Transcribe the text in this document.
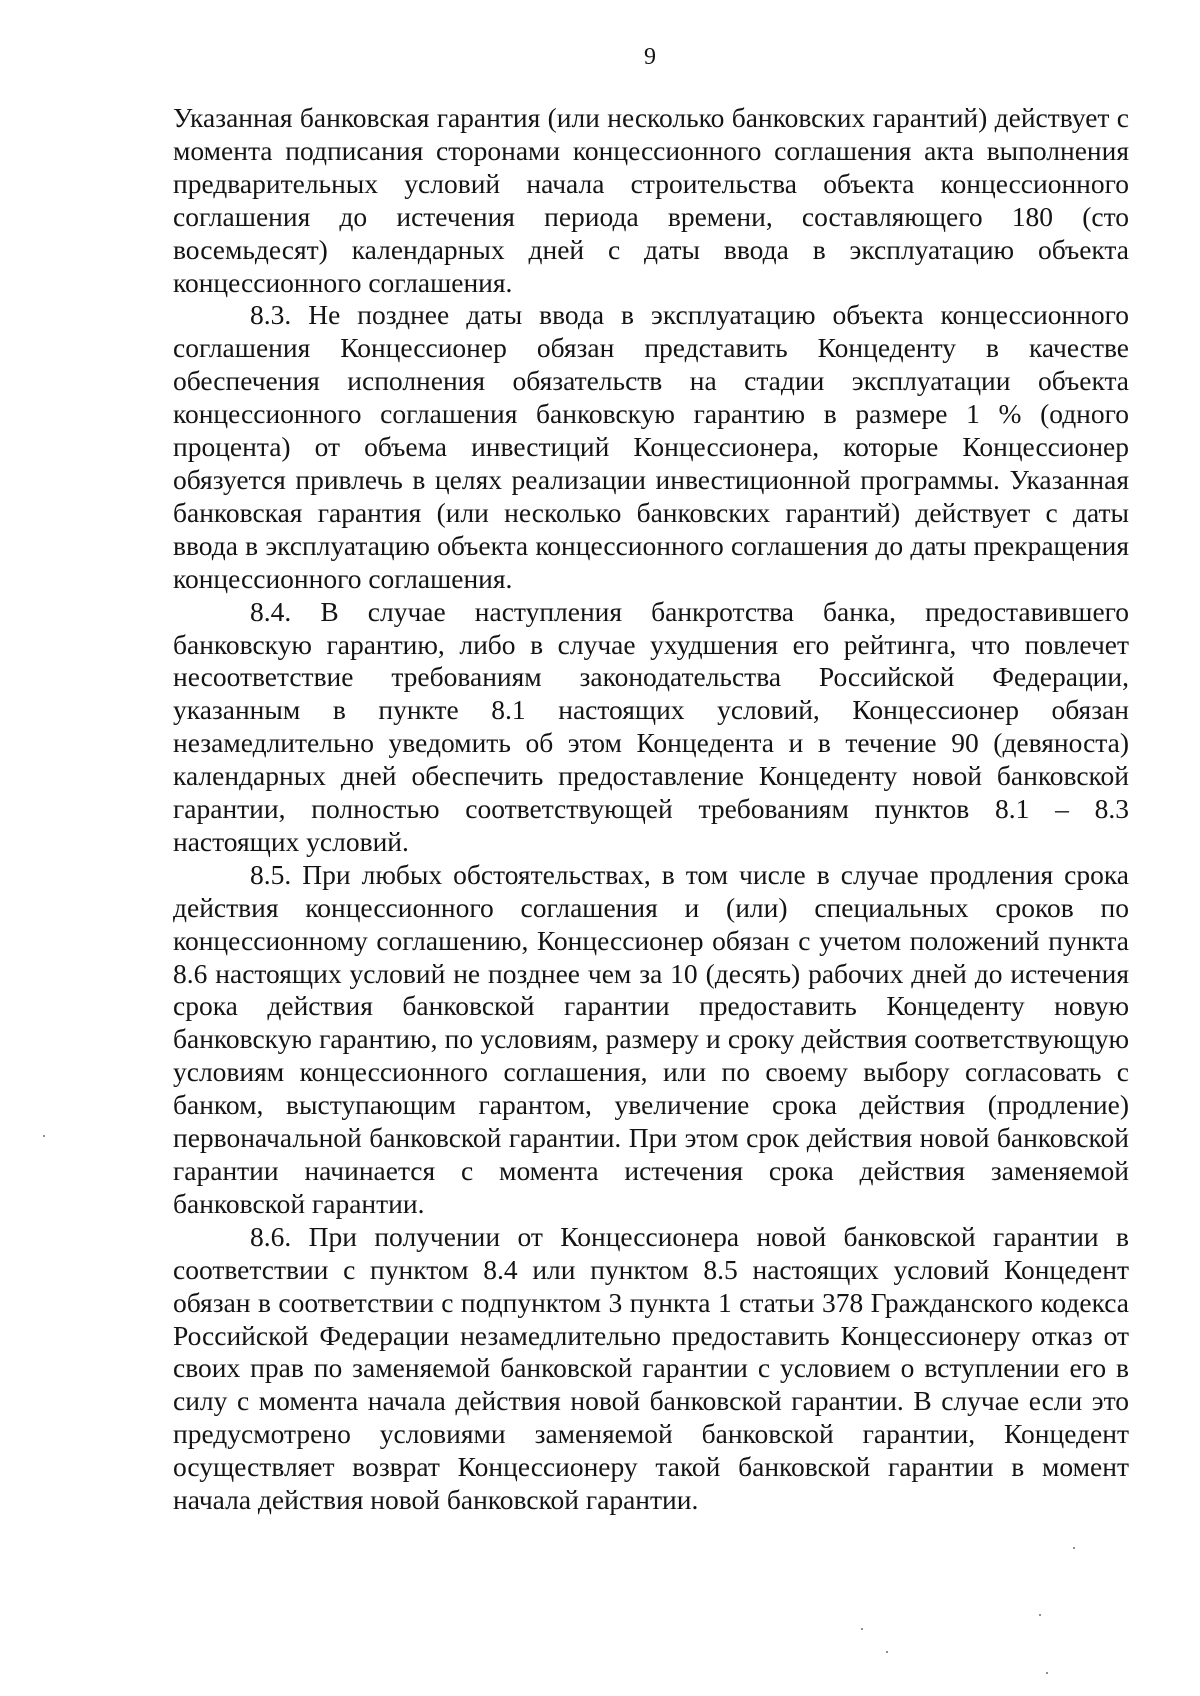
9

Указанная банковская гарантия (или несколько банковских гарантий) действует с момента подписания сторонами концессионного соглашения акта выполнения предварительных условий начала строительства объекта концессионного соглашения до истечения периода времени, составляющего 180 (сто восемьдесят) календарных дней с даты ввода в эксплуатацию объекта концессионного соглашения.

8.3. Не позднее даты ввода в эксплуатацию объекта концессионного соглашения Концессионер обязан представить Концеденту в качестве обеспечения исполнения обязательств на стадии эксплуатации объекта концессионного соглашения банковскую гарантию в размере 1 % (одного процента) от объема инвестиций Концессионера, которые Концессионер обязуется привлечь в целях реализации инвестиционной программы. Указанная банковская гарантия (или несколько банковских гарантий) действует с даты ввода в эксплуатацию объекта концессионного соглашения до даты прекращения концессионного соглашения.

8.4. В случае наступления банкротства банка, предоставившего банковскую гарантию, либо в случае ухудшения его рейтинга, что повлечет несоответствие требованиям законодательства Российской Федерации, указанным в пункте 8.1 настоящих условий, Концессионер обязан незамедлительно уведомить об этом Концедента и в течение 90 (девяноста) календарных дней обеспечить предоставление Концеденту новой банковской гарантии, полностью соответствующей требованиям пунктов 8.1 – 8.3 настоящих условий.

8.5. При любых обстоятельствах, в том числе в случае продления срока действия концессионного соглашения и (или) специальных сроков по концессионному соглашению, Концессионер обязан с учетом положений пункта 8.6 настоящих условий не позднее чем за 10 (десять) рабочих дней до истечения срока действия банковской гарантии предоставить Концеденту новую банковскую гарантию, по условиям, размеру и сроку действия соответствующую условиям концессионного соглашения, или по своему выбору согласовать с банком, выступающим гарантом, увеличение срока действия (продление) первоначальной банковской гарантии. При этом срок действия новой банковской гарантии начинается с момента истечения срока действия заменяемой банковской гарантии.

8.6. При получении от Концессионера новой банковской гарантии в соответствии с пунктом 8.4 или пунктом 8.5 настоящих условий Концедент обязан в соответствии с подпунктом 3 пункта 1 статьи 378 Гражданского кодекса Российской Федерации незамедлительно предоставить Концессионеру отказ от своих прав по заменяемой банковской гарантии с условием о вступлении его в силу с момента начала действия новой банковской гарантии. В случае если это предусмотрено условиями заменяемой банковской гарантии, Концедент осуществляет возврат Концессионеру такой банковской гарантии в момент начала действия новой банковской гарантии.
